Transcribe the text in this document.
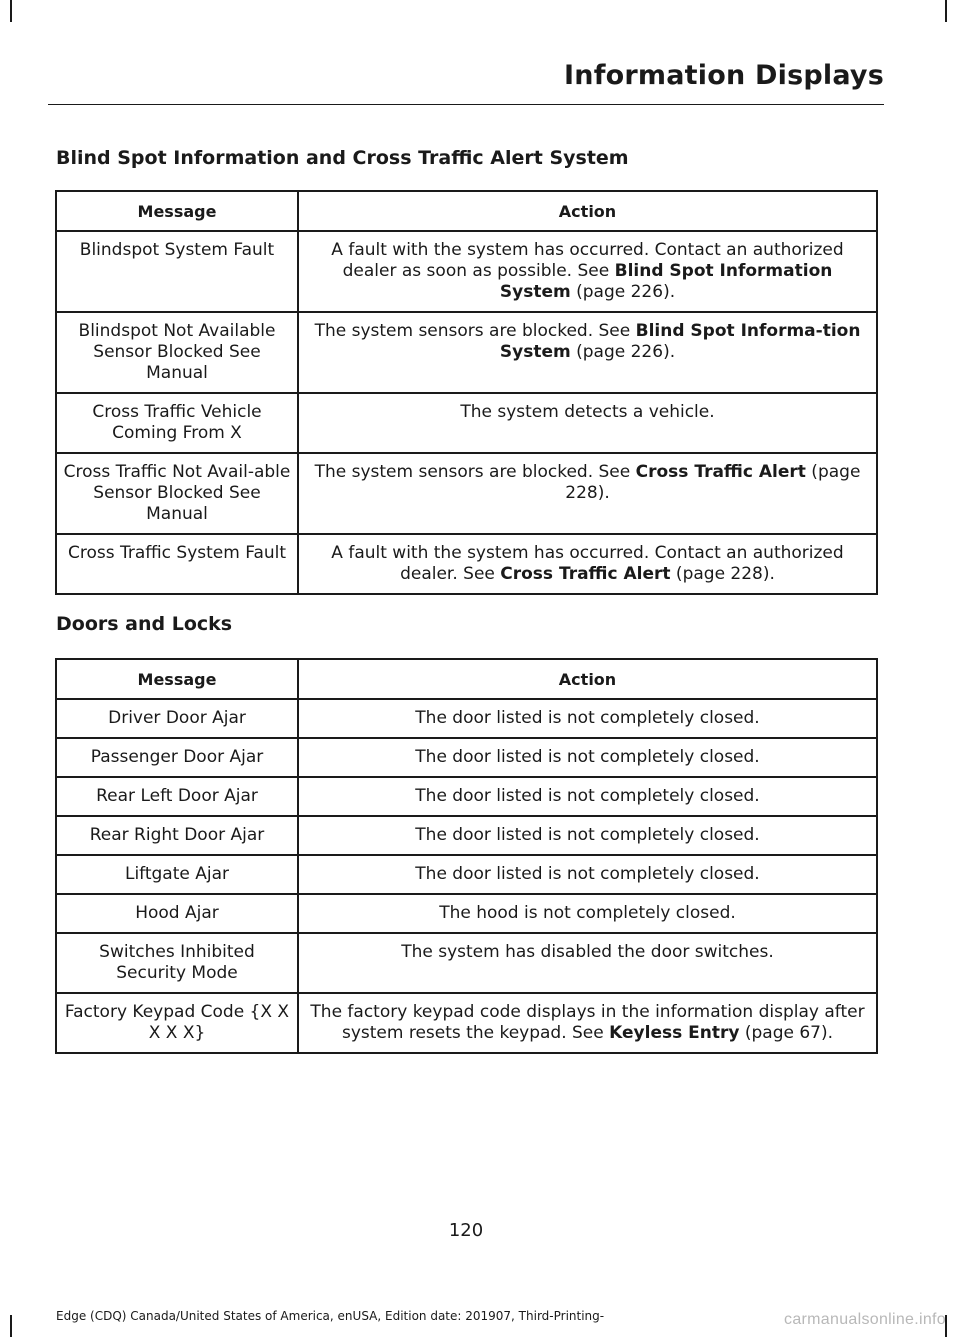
Information Displays
Blind Spot Information and Cross Traffic Alert System
Message	Action
Blindspot System Fault	A fault with the system has occurred. Contact an authorized dealer as soon as possible. See Blind Spot Information System (page 226).
Blindspot Not Available Sensor Blocked See Manual	The system sensors are blocked. See Blind Spot Informa-tion System (page 226).
Cross Traffic Vehicle Coming From X	The system detects a vehicle.
Cross Traffic Not Avail-able Sensor Blocked See Manual	The system sensors are blocked. See Cross Traffic Alert (page 228).
Cross Traffic System Fault	A fault with the system has occurred. Contact an authorized dealer. See Cross Traffic Alert (page 228).
Doors and Locks
Message	Action
Driver Door Ajar	The door listed is not completely closed.
Passenger Door Ajar	The door listed is not completely closed.
Rear Left Door Ajar	The door listed is not completely closed.
Rear Right Door Ajar	The door listed is not completely closed.
Liftgate Ajar	The door listed is not completely closed.
Hood Ajar	The hood is not completely closed.
Switches Inhibited Security Mode	The system has disabled the door switches.
Factory Keypad Code {X X X X X}	The factory keypad code displays in the information display after system resets the keypad. See Keyless Entry (page 67).
120
Edge (CDQ) Canada/United States of America, enUSA, Edition date: 201907, Third-Printing-	carmanualsonline.info
